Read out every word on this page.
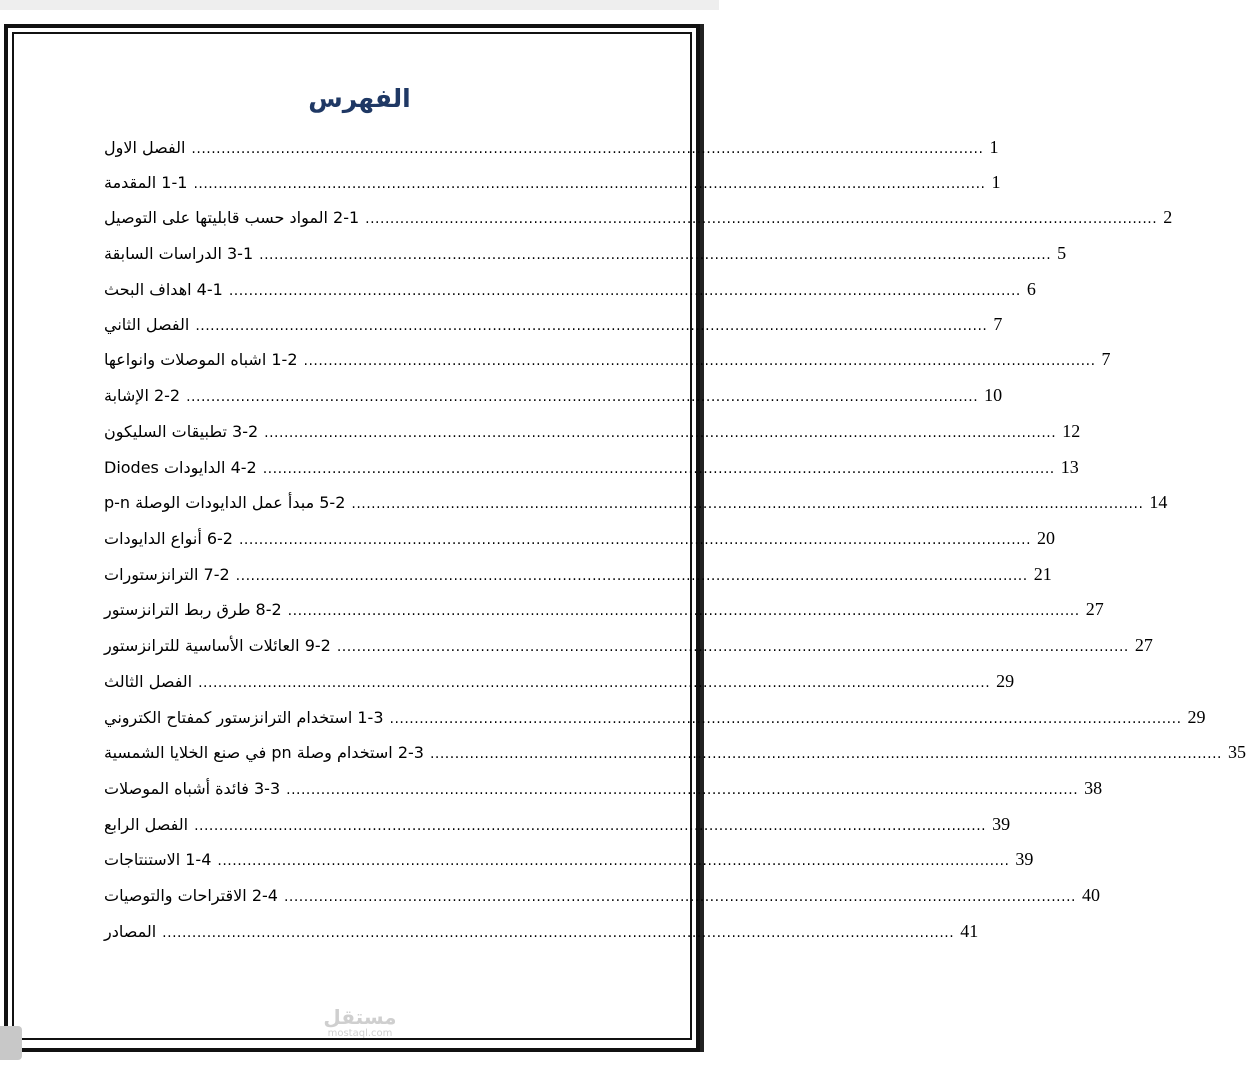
الفهرس
الفصل الاول ................................................................................................................................................................ 1
1-1 المقدمة ................................................................................................................................................................ 1
2-1 المواد حسب قابليتها على التوصيل ................................................................................................................................................................ 2
3-1 الدراسات السابقة ................................................................................................................................................................ 5
4-1 اهداف البحث ................................................................................................................................................................ 6
الفصل الثاني ................................................................................................................................................................ 7
1-2 اشباه الموصلات وانواعها ................................................................................................................................................................ 7
2-2 الإشابة ................................................................................................................................................................ 10
3-2 تطبيقات السليكون ................................................................................................................................................................ 12
4-2 الدايودات Diodes ................................................................................................................................................................ 13
5-2 مبدأ عمل الدايودات الوصلة p-n ................................................................................................................................................................ 14
6-2 أنواع الدايودات ................................................................................................................................................................ 20
7-2 الترانزستورات ................................................................................................................................................................ 21
8-2 طرق ربط الترانزستور ................................................................................................................................................................ 27
9-2 العائلات الأساسية للترانزستور ................................................................................................................................................................ 27
الفصل الثالث ................................................................................................................................................................ 29
1-3 استخدام الترانزستور كمفتاح الكتروني ................................................................................................................................................................ 29
2-3 استخدام وصلة pn في صنع الخلايا الشمسية ................................................................................................................................................................ 35
3-3 فائدة أشباه الموصلات ................................................................................................................................................................ 38
الفصل الرابع ................................................................................................................................................................ 39
1-4 الاستنتاجات ................................................................................................................................................................ 39
2-4 الاقتراحات والتوصيات ................................................................................................................................................................ 40
المصادر ................................................................................................................................................................ 41
مستقل
mostaql.com
